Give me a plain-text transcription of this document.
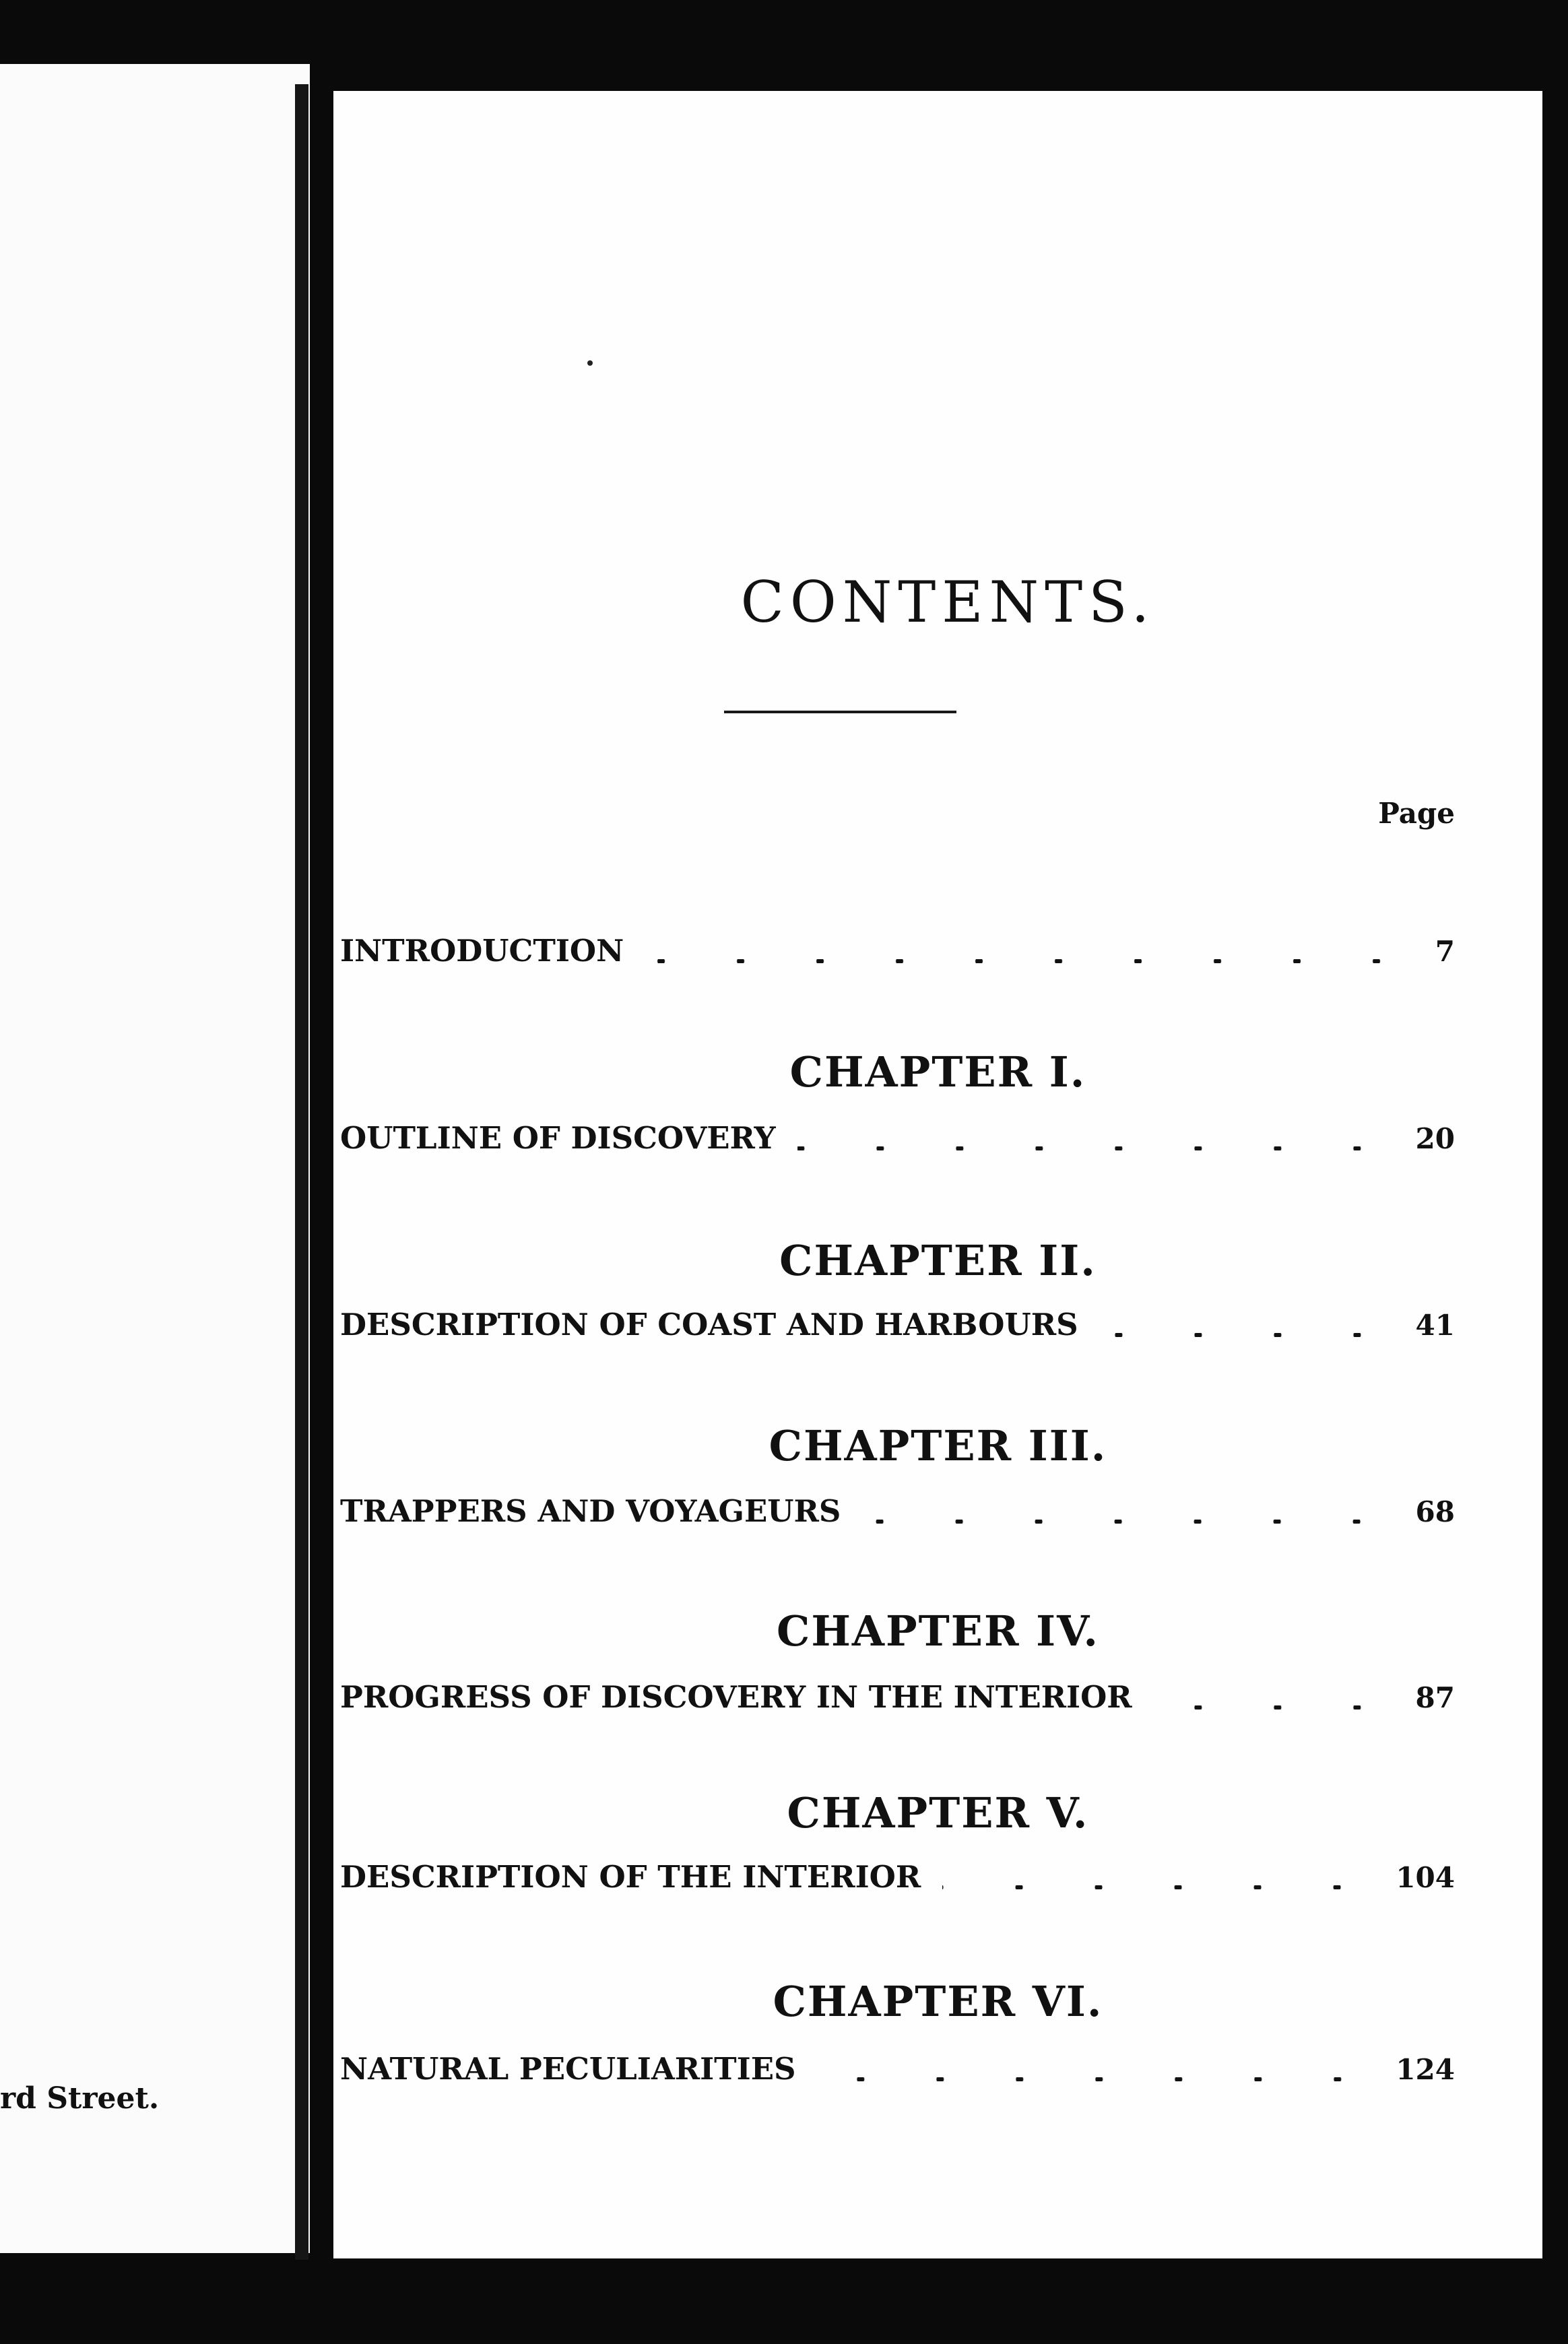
rd Street.
CONTENTS.
Page
INTRODUCTION	7
CHAPTER I.
OUTLINE OF DISCOVERY	20
CHAPTER II.
DESCRIPTION OF COAST AND HARBOURS	41
CHAPTER III.
TRAPPERS AND VOYAGEURS	68
CHAPTER IV.
PROGRESS OF DISCOVERY IN THE INTERIOR	87
CHAPTER V.
DESCRIPTION OF THE INTERIOR	104
CHAPTER VI.
NATURAL PECULIARITIES	124
